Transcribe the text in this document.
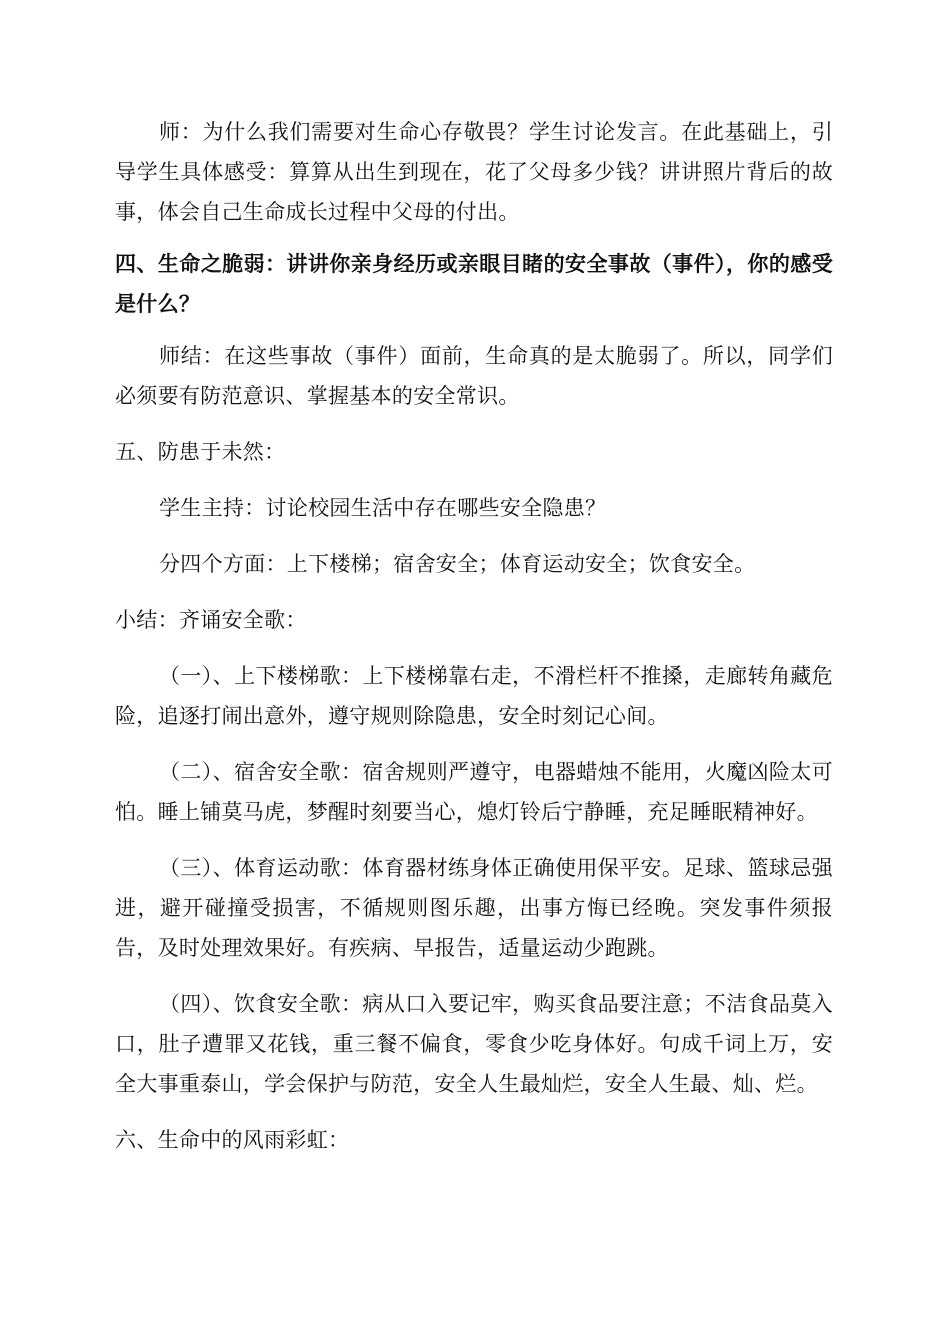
师：为什么我们需要对生命心存敬畏？学生讨论发言。在此基础上，引导学生具体感受：算算从出生到现在，花了父母多少钱？讲讲照片背后的故事，体会自己生命成长过程中父母的付出。

四、生命之脆弱：讲讲你亲身经历或亲眼目睹的安全事故（事件），你的感受是什么？

师结：在这些事故（事件）面前，生命真的是太脆弱了。所以，同学们必须要有防范意识、掌握基本的安全常识。

五、防患于未然：

学生主持：讨论校园生活中存在哪些安全隐患？

分四个方面：上下楼梯；宿舍安全；体育运动安全；饮食安全。

小结：齐诵安全歌：

（一）、上下楼梯歌：上下楼梯靠右走，不滑栏杆不推搡，走廊转角藏危险，追逐打闹出意外，遵守规则除隐患，安全时刻记心间。

（二）、宿舍安全歌：宿舍规则严遵守，电器蜡烛不能用，火魔凶险太可怕。睡上铺莫马虎，梦醒时刻要当心，熄灯铃后宁静睡，充足睡眠精神好。

（三）、体育运动歌：体育器材练身体正确使用保平安。足球、篮球忌强进，避开碰撞受损害，不循规则图乐趣，出事方悔已经晚。突发事件须报告，及时处理效果好。有疾病、早报告，适量运动少跑跳。

（四）、饮食安全歌：病从口入要记牢，购买食品要注意；不洁食品莫入口，肚子遭罪又花钱，重三餐不偏食，零食少吃身体好。句成千词上万，安全大事重泰山，学会保护与防范，安全人生最灿烂，安全人生最、灿、烂。

六、生命中的风雨彩虹：
